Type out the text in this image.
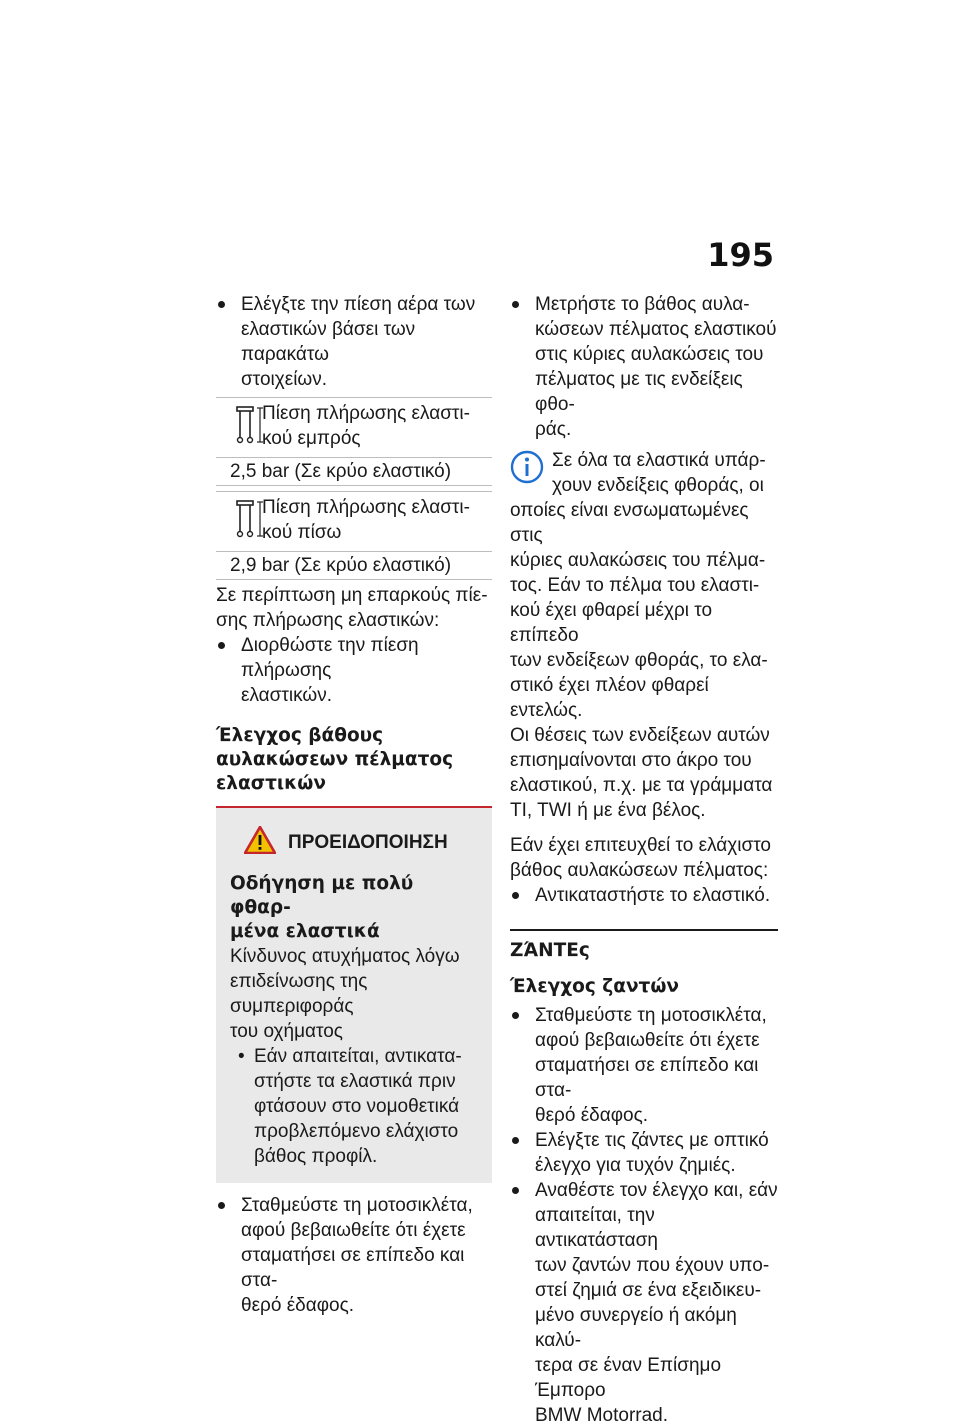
195
Ελέγξτε την πίεση αέρα των
ελαστικών βάσει των παρακάτω
στοιχείων.
Πίεση πλήρωσης ελαστι-
κού εμπρός
2,5 bar (Σε κρύο ελαστικό)
Πίεση πλήρωσης ελαστι-
κού πίσω
2,9 bar (Σε κρύο ελαστικό)
Σε περίπτωση μη επαρκούς πίε-
σης πλήρωσης ελαστικών:
Διορθώστε την πίεση πλήρωσης
ελαστικών.
Έλεγχος βάθους
αυλακώσεων πέλματος
ελαστικών
ΠΡΟΕΙΔΟΠΟΙΗΣΗ
Οδήγηση με πολύ φθαρ-
μένα ελαστικά
Κίνδυνος ατυχήματος λόγω
επιδείνωσης της συμπεριφοράς
του οχήματος
• Εάν απαιτείται, αντικατα-
στήστε τα ελαστικά πριν
φτάσουν στο νομοθετικά
προβλεπόμενο ελάχιστο
βάθος προφίλ.
Σταθμεύστε τη μοτοσικλέτα,
αφού βεβαιωθείτε ότι έχετε
σταματήσει σε επίπεδο και στα-
θερό έδαφος.
Μετρήστε το βάθος αυλα-
κώσεων πέλματος ελαστικού
στις κύριες αυλακώσεις του
πέλματος με τις ενδείξεις φθο-
ράς.
Σε όλα τα ελαστικά υπάρ-
χουν ενδείξεις φθοράς, οι
οποίες είναι ενσωματωμένες στις
κύριες αυλακώσεις του πέλμα-
τος. Εάν το πέλμα του ελαστι-
κού έχει φθαρεί μέχρι το επίπεδο
των ενδείξεων φθοράς, το ελα-
στικό έχει πλέον φθαρεί εντελώς.
Οι θέσεις των ενδείξεων αυτών
επισημαίνονται στο άκρο του
ελαστικού, π.χ. με τα γράμματα
TI, TWI ή με ένα βέλος.
Εάν έχει επιτευχθεί το ελάχιστο
βάθος αυλακώσεων πέλματος:
Αντικαταστήστε το ελαστικό.
ΖΆΝΤΕς
Έλεγχος ζαντών
Σταθμεύστε τη μοτοσικλέτα,
αφού βεβαιωθείτε ότι έχετε
σταματήσει σε επίπεδο και στα-
θερό έδαφος.
Ελέγξτε τις ζάντες με οπτικό
έλεγχο για τυχόν ζημιές.
Αναθέστε τον έλεγχο και, εάν
απαιτείται, την αντικατάσταση
των ζαντών που έχουν υπο-
στεί ζημιά σε ένα εξειδικευ-
μένο συνεργείο ή ακόμη καλύ-
τερα σε έναν Επίσημο Έμπορο
BMW Motorrad.
